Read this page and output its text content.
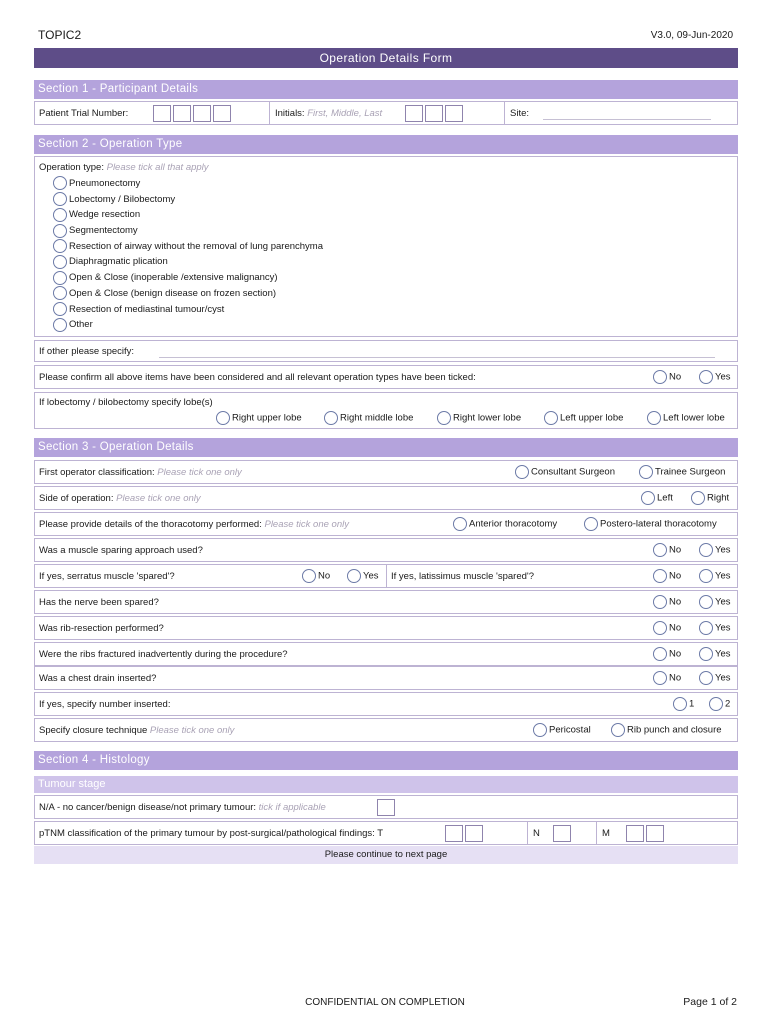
TOPIC2	V3.0, 09-Jun-2020
Operation Details Form
Section 1 - Participant Details
Patient Trial Number:	Initials: First, Middle, Last	Site:
Section 2 - Operation Type
Operation type: Please tick all that apply
Pneumonectomy
Lobectomy / Bilobectomy
Wedge resection
Segmentectomy
Resection of airway without the removal of lung parenchyma
Diaphragmatic plication
Open & Close (inoperable /extensive malignancy)
Open & Close (benign disease on frozen section)
Resection of mediastinal tumour/cyst
Other
If other please specify:
Please confirm all above items have been considered and all relevant operation types have been ticked:	No	Yes
If lobectomy / bilobectomy specify lobe(s)
Right upper lobe	Right middle lobe	Right lower lobe	Left upper lobe	Left lower lobe
Section 3 - Operation Details
First operator classification: Please tick one only	Consultant Surgeon	Trainee Surgeon
Side of operation: Please tick one only	Left	Right
Please provide details of the thoracotomy performed: Please tick one only	Anterior thoracotomy	Postero-lateral thoracotomy
Was a muscle sparing approach used?	No	Yes
If yes, serratus muscle 'spared'?	No	Yes If yes, latissimus muscle 'spared'?	No	Yes
Has the nerve been spared?	No	Yes
Was rib-resection performed?	No	Yes
Were the ribs fractured inadvertently during the procedure?	No	Yes
Was a chest drain inserted?	No	Yes
If yes, specify number inserted:	1	2
Specify closure technique Please tick one only	Pericostal	Rib punch and closure
Section 4 - Histology
Tumour stage
N/A - no cancer/benign disease/not primary tumour: tick if applicable
pTNM classification of the primary tumour by post-surgical/pathological findings: T	N	M
Please continue to next page
CONFIDENTIAL ON COMPLETION	Page 1 of 2
